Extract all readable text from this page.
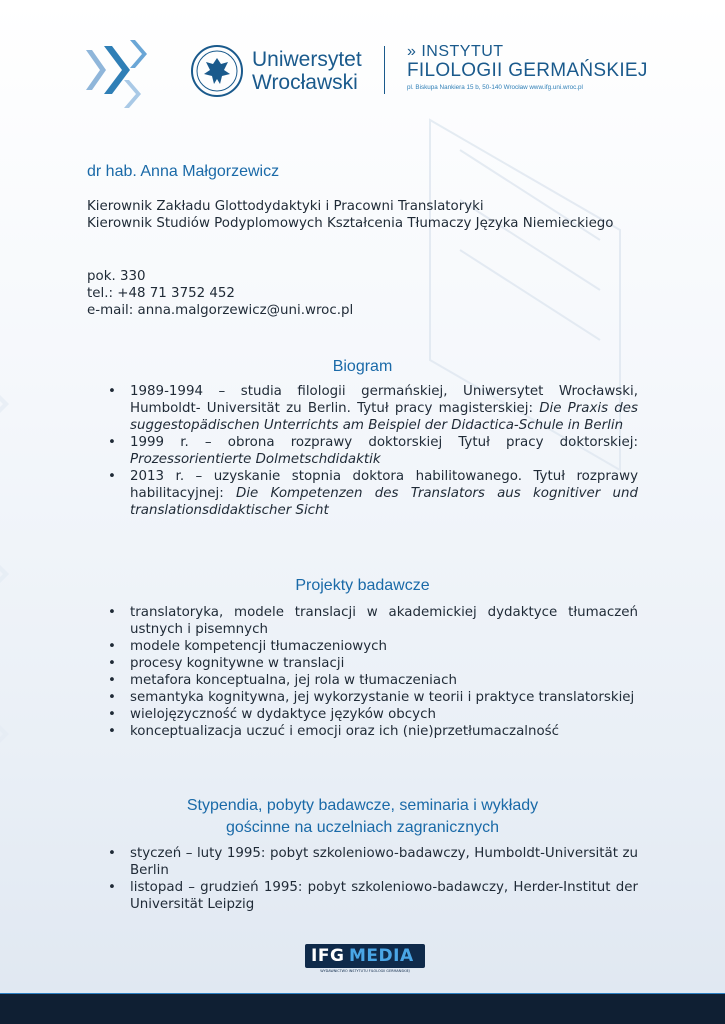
Uniwersytet
Wrocławski
» INSTYTUT
FILOLOGII GERMAŃSKIEJ
pl. Biskupa Nankiera 15 b, 50-140 Wrocław www.ifg.uni.wroc.pl
dr hab. Anna Małgorzewicz

Kierownik Zakładu Glottodydaktyki i Pracowni Translatoryki

Kierownik Studiów Podyplomowych Kształcenia Tłumaczy Języka Niemieckiego

pok. 330

tel.: +48 71 3752 452

e-mail: anna.malgorzewicz@uni.wroc.pl

Biogram
• 1989-1994 – studia filologii germańskiej, Uniwersytet Wrocławski, Humboldt- Universität zu Berlin. Tytuł pracy magisterskiej: Die Praxis des suggestopädischen Unterrichts am Beispiel der Didactica-Schule in Berlin
• 1999 r. – obrona rozprawy doktorskiej Tytuł pracy doktorskiej: Prozessorientierte Dolmetschdidaktik
• 2013 r. – uzyskanie stopnia doktora habilitowanego. Tytuł rozprawy habilitacyjnej: Die Kompetenzen des Translators aus kognitiver und translationsdidaktischer Sicht
Projekty badawcze
• translatoryka, modele translacji w akademickiej dydaktyce tłumaczeń ustnych i pisemnych
• modele kompetencji tłumaczeniowych
• procesy kognitywne w translacji
• metafora konceptualna, jej rola w tłumaczeniach
• semantyka kognitywna, jej wykorzystanie w teorii i praktyce translatorskiej
• wielojęzyczność w dydaktyce języków obcych
• konceptualizacja uczuć i emocji oraz ich (nie)przetłumaczalność
Stypendia, pobyty badawcze, seminaria i wykłady
gościnne na uczelniach zagranicznych
• styczeń – luty 1995: pobyt szkoleniowo-badawczy, Humboldt-Universität zu Berlin
• listopad – grudzień 1995: pobyt szkoleniowo-badawczy, Herder-Institut der Universität Leipzig
IFG MEDIA
WYDAWNICTWO INSTYTUTU FILOLOGII GERMAŃSKIEJ
